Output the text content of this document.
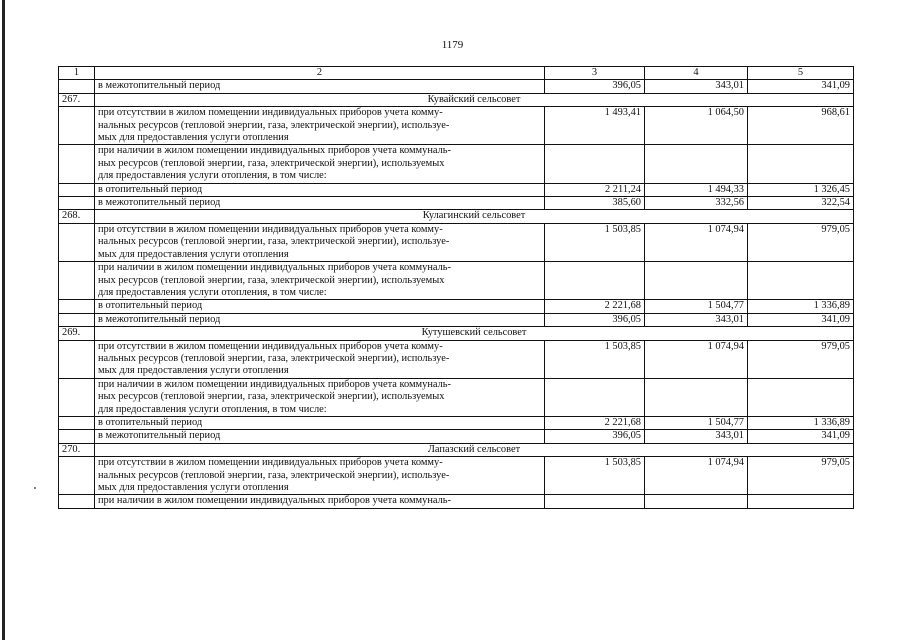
1179
1	2	3	4	5

	в межотопительный период	396,05	343,01	341,09
267.	Кувайский сельсовет			

	при отсутствии в жилом помещении индивидуальных приборов учета комму-
нальных ресурсов (тепловой энергии, газа, электрической энергии), используе-
мых для предоставления услуги отопления	1 493,41	1 064,50	968,61

	при наличии в жилом помещении индивидуальных приборов учета коммуналь-
ных ресурсов (тепловой энергии, газа, электрической энергии), используемых
для предоставления услуги отопления, в том числе:			

	в отопительный период	2 211,24	1 494,33	1 326,45

	в межотопительный период	385,60	332,56	322,54
268.	Кулагинский сельсовет			

	при отсутствии в жилом помещении индивидуальных приборов учета комму-
нальных ресурсов (тепловой энергии, газа, электрической энергии), используе-
мых для предоставления услуги отопления	1 503,85	1 074,94	979,05

	при наличии в жилом помещении индивидуальных приборов учета коммуналь-
ных ресурсов (тепловой энергии, газа, электрической энергии), используемых
для предоставления услуги отопления, в том числе:			

	в отопительный период	2 221,68	1 504,77	1 336,89

	в межотопительный период	396,05	343,01	341,09
269.	Кутушевский сельсовет			

	при отсутствии в жилом помещении индивидуальных приборов учета комму-
нальных ресурсов (тепловой энергии, газа, электрической энергии), используе-
мых для предоставления услуги отопления	1 503,85	1 074,94	979,05

	при наличии в жилом помещении индивидуальных приборов учета коммуналь-
ных ресурсов (тепловой энергии, газа, электрической энергии), используемых
для предоставления услуги отопления, в том числе:			

	в отопительный период	2 221,68	1 504,77	1 336,89

	в межотопительный период	396,05	343,01	341,09
270.	Лапазский сельсовет			

	при отсутствии в жилом помещении индивидуальных приборов учета комму-
нальных ресурсов (тепловой энергии, газа, электрической энергии), используе-
мых для предоставления услуги отопления	1 503,85	1 074,94	979,05

	при наличии в жилом помещении индивидуальных приборов учета коммуналь-			
